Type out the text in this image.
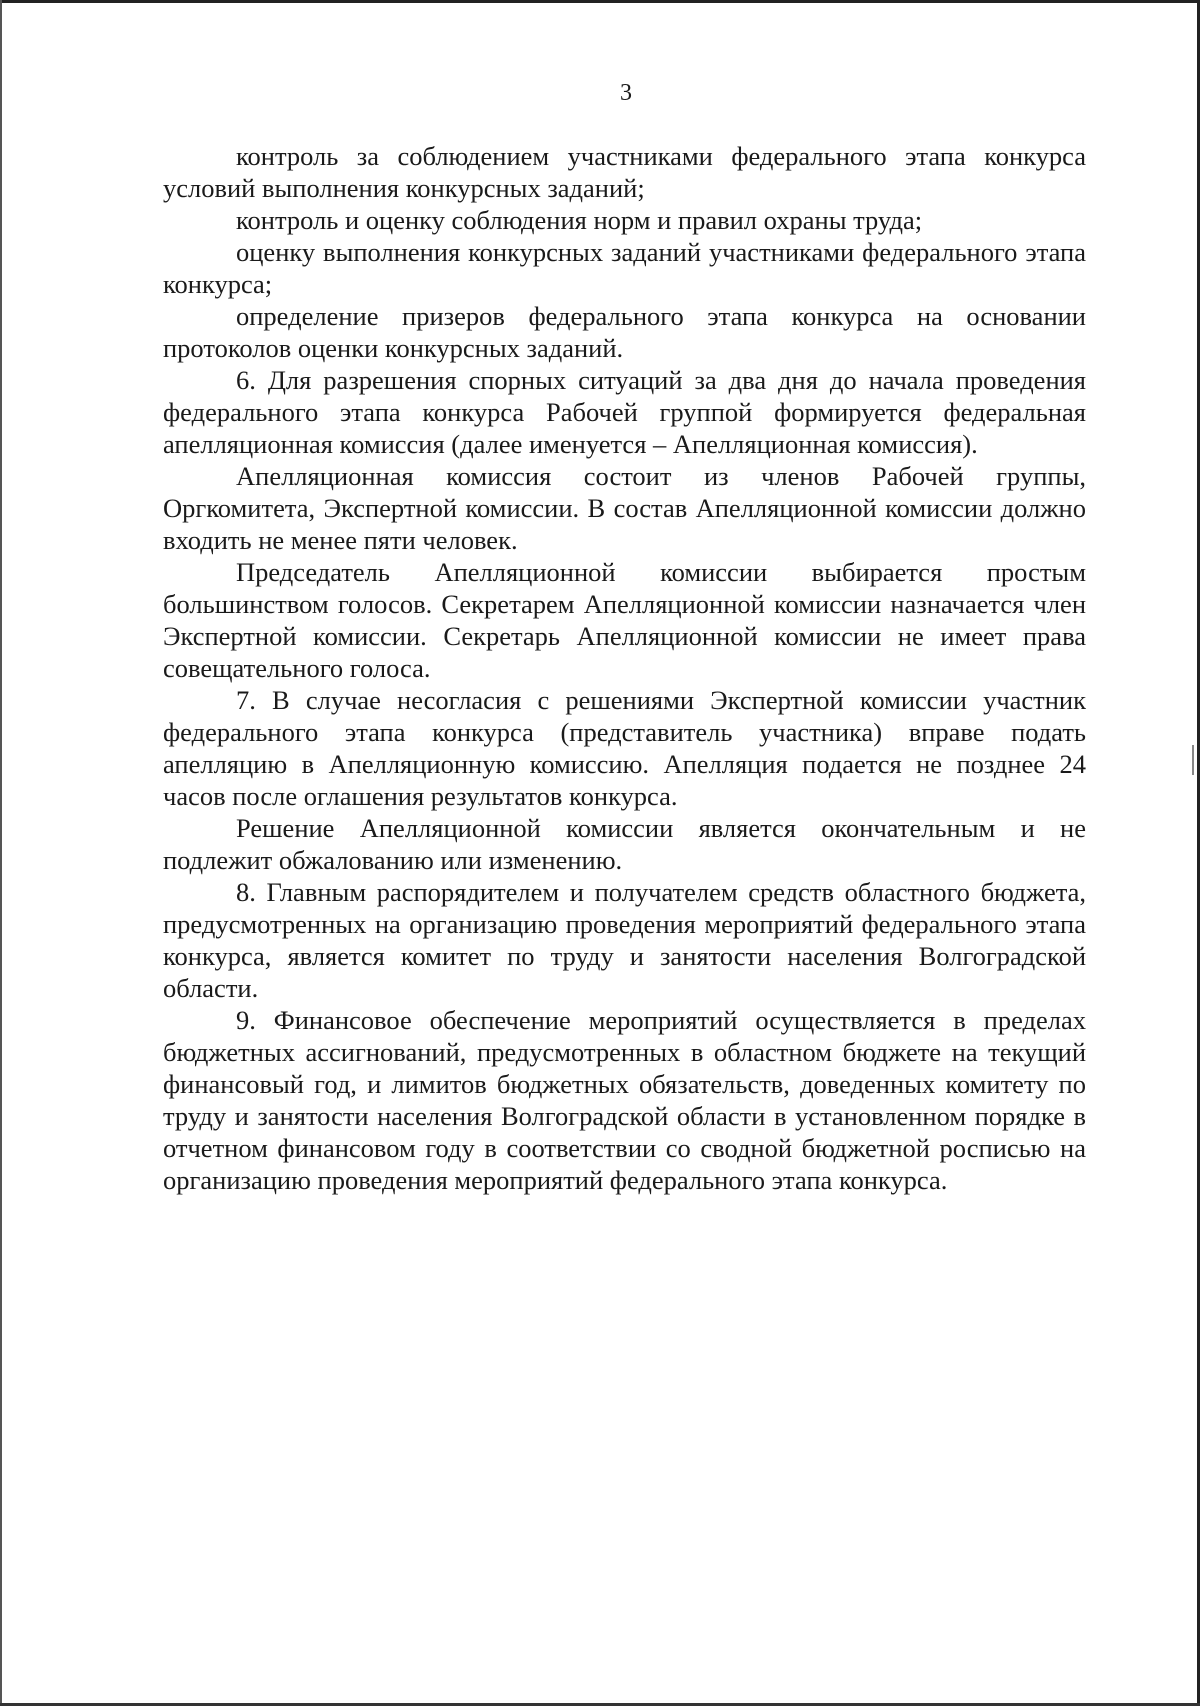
3

контроль за соблюдением участниками федерального этапа конкурса условий выполнения конкурсных заданий;

контроль и оценку соблюдения норм и правил охраны труда;

оценку выполнения конкурсных заданий участниками федерального этапа конкурса;

определение призеров федерального этапа конкурса на основании протоколов оценки конкурсных заданий.

6. Для разрешения спорных ситуаций за два дня до начала проведения федерального этапа конкурса Рабочей группой формируется федеральная апелляционная комиссия (далее именуется – Апелляционная комиссия).

Апелляционная комиссия состоит из членов Рабочей группы, Оргкомитета, Экспертной комиссии. В состав Апелляционной комиссии должно входить не менее пяти человек.

Председатель Апелляционной комиссии выбирается простым большинством голосов. Секретарем Апелляционной комиссии назначается член Экспертной комиссии. Секретарь Апелляционной комиссии не имеет права совещательного голоса.

7. В случае несогласия с решениями Экспертной комиссии участник федерального этапа конкурса (представитель участника) вправе подать апелляцию в Апелляционную комиссию. Апелляция подается не позднее 24 часов после оглашения результатов конкурса.

Решение Апелляционной комиссии является окончательным и не подлежит обжалованию или изменению.

8. Главным распорядителем и получателем средств областного бюджета, предусмотренных на организацию проведения мероприятий федерального этапа конкурса, является комитет по труду и занятости населения Волгоградской области.

9. Финансовое обеспечение мероприятий осуществляется в пределах бюджетных ассигнований, предусмотренных в областном бюджете на текущий финансовый год, и лимитов бюджетных обязательств, доведенных комитету по труду и занятости населения Волгоградской области в установленном порядке в отчетном финансовом году в соответствии со сводной бюджетной росписью на организацию проведения мероприятий федерального этапа конкурса.
